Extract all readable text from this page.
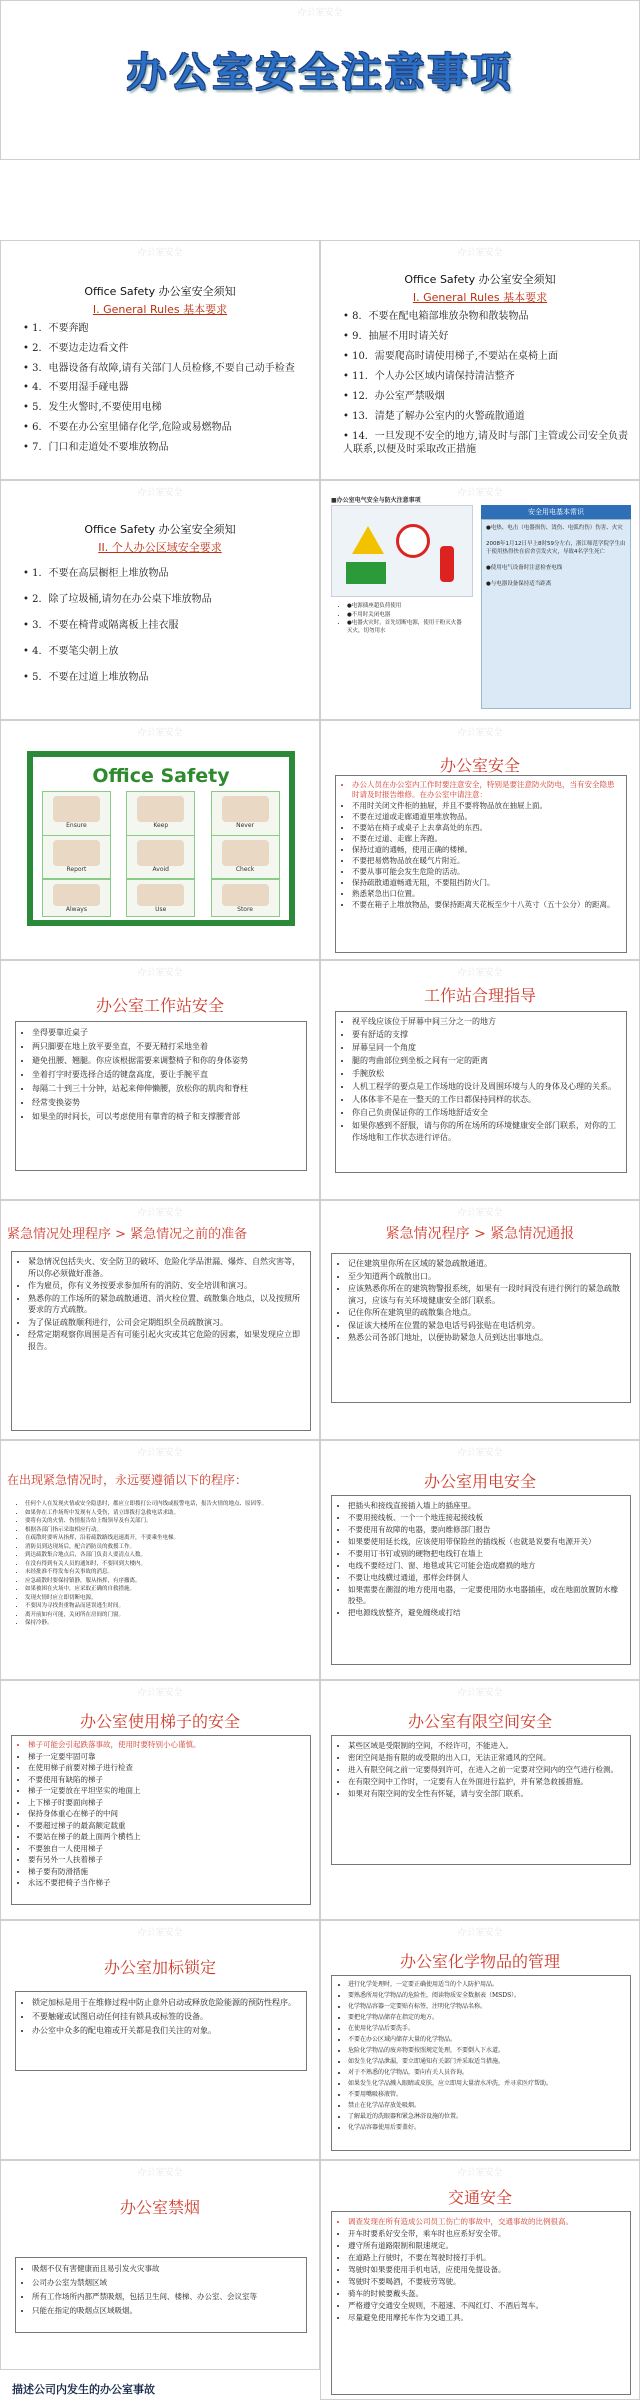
办公室安全
办公室安全注意事项
办公室安全
Office Safety 办公室安全须知
I. General Rules 基本要求
• 1．不要奔跑
• 2．不要边走边看文件
• 3．电器设备有故障,请有关部门人员检修,不要自己动手检查
• 4．不要用湿手碰电器
• 5．发生火警时,不要使用电梯
• 6．不要在办公室里储存化学,危险或易燃物品
• 7．门口和走道处不要堆放物品
办公室安全
Office Safety 办公室安全须知
I. General Rules 基本要求
• 8．不要在配电箱部堆放杂物和散装物品
• 9．抽屉不用时请关好
• 10．需要爬高时请使用梯子,不要站在桌椅上面
• 11．个人办公区域内请保持清洁整齐
• 12．办公室严禁吸烟
• 13．清楚了解办公室内的火警疏散通道
• 14．一旦发现不安全的地方,请及时与部门主管或公司安全负责人联系,以便及时采取改正措施
办公室安全
Office Safety 办公室安全须知
II. 个人办公区域安全要求
• 1．不要在高层橱柜上堆放物品
• 2．除了垃圾桶,请勿在办公桌下堆放物品
• 3．不要在椅背或隔离板上挂衣服
• 4．不要笔尖朝上放
• 5．不要在过道上堆放物品
办公室安全
■办公室电气安全与防火注意事项
• ●电源插座超负荷使用
• ●不用时关闭电器
• ●电器火灾时，首先切断电源，使用干粉灭火器灭火，切勿用水
安全用电基本常识
●电热、电击（电器损伤、烫伤、电弧灼伤）伤害、火灾
2008年1月12日早上8时59分左右，浙江师范学院学生由于使用热得快在宿舍引发火灾，导致4名学生死亡
●使用电气设备时注意检查电线
●与电器设备保持适当距离
办公室安全
Office Safety
Ensure	Keep	Never
Report	Avoid	Check
Always	Use	Store
办公室安全
办公室安全
• 办公人员在办公室内工作时要注意安全，特别是要注意防火防电，当有安全隐患时请及时报告维修。在办公室中请注意：
• 不用时关闭文件柜的抽屉，并且不要将物品放在抽屉上面。
• 不要在过道或走廊通道里堆放物品。
• 不要站在椅子或桌子上去拿高处的东西。
• 不要在过道、走廊上奔跑。
• 保持过道的通畅，使用正确的楼梯。
• 不要把易燃物品放在暖气片附近。
• 不要从事可能会发生危险的活动。
• 保持疏散通道畅通无阻，不要阻挡防火门。
• 熟悉紧急出口位置。
• 不要在箱子上堆放物品，要保持距离天花板至少十八英寸（五十公分）的距离。
办公室安全
办公室工作站安全
• 坐得要靠近桌子
• 两只脚要在地上放平要坐直，不要无精打采地坐着
• 避免扭腰、翘腿。你应该根据需要来调整椅子和你的身体姿势
• 坐着打字时要选择合适的键盘高度，要让手腕平直
• 每隔二十到三十分钟，站起来伸伸懒腰，放松你的肌肉和脊柱
• 经常变换姿势
• 如果坐的时间长，可以考虑使用有靠背的椅子和支撑腰背部
办公室安全
工作站合理指导
• 视平线应该位于屏幕中间三分之一的地方
• 要有舒适的支撑
• 屏幕呈同一个角度
• 腿的弯曲部位到坐板之间有一定的距离
• 手腕放松
• 人机工程学的要点是工作场地的设计及周围环境与人的身体及心理的关系。
• 人体体非不是在一整天的工作日都保持同样的状态。
• 你自己负责保证你的工作场地舒适安全
• 如果你感到不舒服，请与你的所在场所的环境健康安全部门联系，对你的工作场地和工作状态进行评估。
办公室安全
紧急情况处理程序 > 紧急情况之前的准备
• 紧急情况包括失火、安全防卫的破坏、危险化学品泄漏、爆炸、自然灾害等，所以你必须做好准备。
• 作为雇员，你有义务按要求参加所有的消防、安全培训和演习。
• 熟悉你的工作场所的紧急疏散通道、消火栓位置、疏散集合地点，以及按照所要求的方式疏散。
• 为了保证疏散顺利进行，公司会定期组织全员疏散演习。
• 经常定期观察你周围是否有可能引起火灾或其它危险的因素，如果发现应立即报告。
办公室安全
紧急情况程序 > 紧急情况通报
• 记住建筑里你所在区域的紧急疏散通道。
• 至少知道两个疏散出口。
• 应该熟悉你所在的建筑物警报系统，如果有一段时间没有进行例行的紧急疏散演习，应该与有关环境健康安全部门联系。
• 记住你所在建筑里的疏散集合地点。
• 保证该大楼所在位置的紧急电话号码张贴在电话机旁。
• 熟悉公司各部门地址，以便协助紧急人员到达出事地点。
办公室安全
在出现紧急情况时，永远要遵循以下的程序：
• 任何个人在发现火情或安全隐患时，都应立即拨打公司内线或报警电话，报告火情的地点、原因等。
• 如果你在工作场所中发现有人受伤，请立即拨打急救电话求助。
• 要将有关的火情、伤情报告给上级领导及有关部门。
• 根据各部门指示采取相应行动。
• 在疏散时要听从指挥，沿着疏散路线迅速离开，不要乘坐电梯。
• 消防员到达现场后，配合消防员的救援工作。
• 到达疏散集合地点后，各部门负责人要清点人数。
• 在没有得到有关人员的通知时，不要回到大楼内。
• 未经批准不得发布有关事故的消息。
• 应急疏散时要保持镇静，服从指挥，有序撤离。
• 如果被困在火场中，应采取正确的自救措施。
• 发现火情时应立即切断电源。
• 不要因为寻找贵重物品而延误逃生时间。
• 离开前如有可能，关闭所在房间的门窗。
• 保持冷静。
办公室安全
办公室用电安全
• 把插头和接线直接插入墙上的插座里。
• 不要用接线板、一个一个地连接起接线板
• 不要使用有故障的电器，要向维修部门报告
• 如果要使用延长线，应该使用带保险丝的插线板（也就是说要有电源开关）
• 不要用订书钉或别的硬物把电线钉在墙上
• 电线不要经过门、窗、地毯或其它可能会造成磨损的地方
• 不要让电线横过通道，那样会绊倒人
• 如果需要在潮湿的地方使用电器，一定要使用防水电器插座，或在地面放置防水橡胶垫。
• 把电源线放整齐，避免缠绕或打结
办公室安全
办公室使用梯子的安全
• 梯子可能会引起跌落事故，使用时要特别小心谨慎。
• 梯子一定要牢固可靠
• 在使用梯子前要对梯子进行检查
• 不要使用有缺陷的梯子
• 梯子一定要放在平坦坚实的地面上
• 上下梯子时要面向梯子
• 保持身体重心在梯子的中间
• 不要超过梯子的最高额定载重
• 不要站在梯子的最上面两个横档上
• 不要独自一人使用梯子
• 要有另外一人扶着梯子
• 梯子要有防滑措施
• 永远不要把椅子当作梯子
办公室安全
办公室有限空间安全
• 某些区域是受限制的空间，不经许可，不能进入。
• 密闭空间是指有限的或受限的出入口，无法正常通风的空间。
• 进入有限空间之前一定要得到许可，在进入之前一定要对空间内的空气进行检测。
• 在有限空间中工作时，一定要有人在外面进行监护，并有紧急救援措施。
• 如果对有限空间的安全性有怀疑，请与安全部门联系。
办公室安全
办公室加标锁定
• 锁定加标是用于在维修过程中防止意外启动或释放危险能源的预防性程序。
• 不要触碰或试图启动任何挂有锁具或标签的设备。
• 办公室中众多的配电箱或开关都是我们关注的对象。
办公室安全
办公室化学物品的管理
• 进行化学处理时，一定要正确使用适当的个人防护用品。
• 要熟悉所用化学物品的危险性，阅读物质安全数据表（MSDS）。
• 化学物品容器一定要贴有标签，注明化学物品名称。
• 要把化学物品储存在指定的地方。
• 在使用化学品后要洗手。
• 不要在办公区域内储存大量的化学物品。
• 危险化学物品的废弃物要按照规定处理，不要倒入下水道。
• 如发生化学品泄漏，要立即通知有关部门并采取适当措施。
• 对于不熟悉的化学物品，要向有关人员咨询。
• 如果发生化学品溅入眼睛或皮肤，应立即用大量清水冲洗，并寻求医疗帮助。
• 不要用嘴吸移液管。
• 禁止在化学品存放处吸烟。
• 了解最近的洗眼器和紧急淋浴设施的位置。
• 化学品容器使用后要盖好。
办公室安全
办公室禁烟
• 吸烟不仅有害健康而且易引发火灾事故
• 公司办公室为禁烟区域
• 所有工作场所内都严禁吸烟，包括卫生间、楼梯、办公室、会议室等
• 只能在指定的吸烟点区域吸烟。
办公室安全
交通安全
• 调查发现在所有造成公司员工伤亡的事故中，交通事故的比例很高。
• 开车时要系好安全带，乘车时也应系好安全带。
• 遵守所有道路限制和限速规定。
• 在道路上行驶时，不要在驾驶时接打手机。
• 驾驶时如果要使用手机电话，应使用免提设备。
• 驾驶时不要喝酒，不要疲劳驾驶。
• 骑车的时候要戴头盔。
• 严格遵守交通安全规则，不超速、不闯红灯、不酒后驾车。
• 尽量避免使用摩托车作为交通工具。
描述公司内发生的办公室事故
